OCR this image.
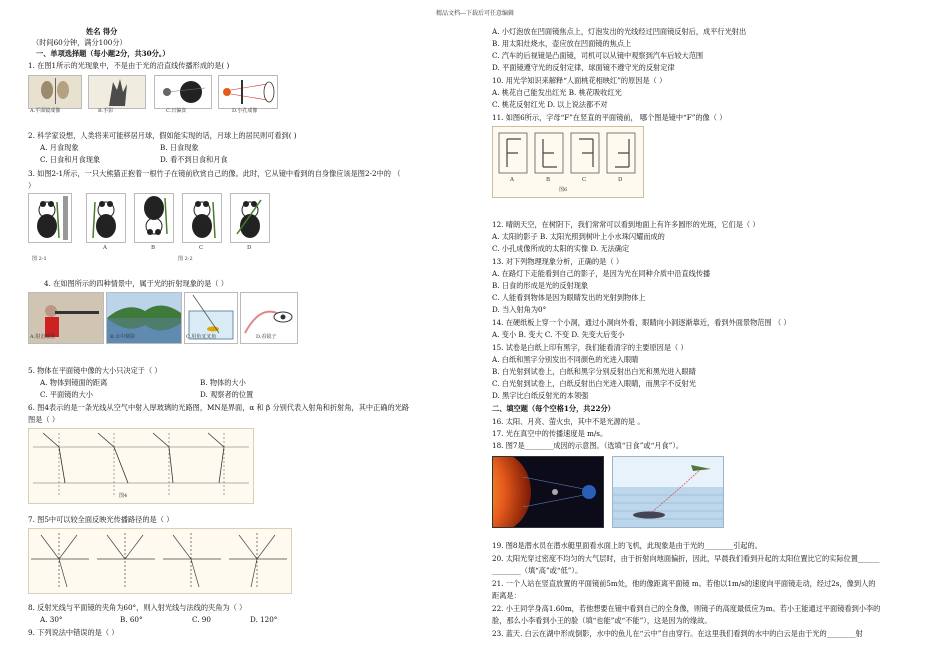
精品文档---下载后可任意编辑
姓名 得分
（时间60分钟，满分100分）
一、单项选择题（每小题2分，共30分。）
1. 在图1所示的光现象中，不是由于光的沿直线传播形成的是( )
A.平面镜成像	B.手影	C.日偏食	D.小孔成像
2. 科学家设想，人类将来可能移居月球，假如能实现的话，月球上的居民则可看到( )
A. 月食现象	B. 日食现象
C. 日食和月食现象	D. 看不到日食和月食
3. 如图2-1所示，一只大熊猫正抱着一根竹子在镜前欣赏自己的像。此时，它从镜中看到的自身像应该是图2-2中的 （
）
A	B	C	D
图 2-1	图 2-2
4. 在如图所示的四种情景中，属于光的折射现象的是（ ）
A.射击瞄准	B.水中倒影	C.用鱼叉叉鱼	D.看镜子
5. 物体在平面镜中像的大小只决定于（ ）
A. 物体到镜面的距离	B. 物体的大小
C. 平面镜的大小	D. 观察者的位置
6. 图4表示的是一条光线从空气中射入厚玻璃的光路图，MN是界面，α 和 β 分别代表入射角和折射角，其中正确的光路
图是（ ）
图4
7. 图5中可以较全面反映光传播路径的是（ ）
8. 反射光线与平面镜的夹角为60°，则入射光线与法线的夹角为（ ）
A. 30°	B. 60°	C. 90	D. 120°
9. 下列说法中错误的是（ ）
A. 小灯泡放在凹面镜焦点上，灯泡发出的光线经过凹面镜反射后，成平行光射出
B. 用太阳灶烧水，壶应放在凹面镜的焦点上
C. 汽车的后视镜是凸面镜，司机可以从镜中观察到汽车后较大范围
D. 平面镜遵守光的反射定律，球面镜不遵守光的反射定律
10. 用光学知识来解释“人面桃花相映红”的原因是（ ）
A. 桃花自己能发出红光 B. 桃花吸收红光
C. 桃花反射红光 D. 以上说法都不对
11. 如图6所示，字母“F”在竖直的平面镜前， 哪个图是镜中“F”的像（ ）
A	B	C	D
图6
12. 晴朗天空，在树阴下，我们常常可以看到地面上有许多圆形的光斑，它们是（ ）
A. 太阳的影子 B. 太阳光照到树叶上小水珠闪耀而成的
C. 小孔成像所成的太阳的实像 D. 无法确定
13. 对下列物理现象分析，正确的是（ ）
A. 在路灯下走能看到自己的影子，是因为光在同种介质中沿直线传播
B. 日食的形成是光的反射现象
C. 人能看到物体是因为眼睛发出的光射到物体上
D. 当入射角为0°
14. 在硬纸板上穿一个小洞，通过小洞向外看，眼睛向小洞逐渐靠近，看到外面景物范围 （ ）
A. 变小 B. 变大 C. 不变 D. 先变大后变小
15. 试卷是白纸上印有黑字，我们能看清字的主要原因是（ ）
A. 白纸和黑字分别发出不同颜色的光进入眼睛
B. 白光射到试卷上，白纸和黑字分别反射出白光和黑光进入眼睛
C. 白光射到试卷上，白纸反射出白光进入眼睛，而黑字不反射光
D. 黑字比白纸反射光的本领强
二、填空题（每个空格1分，共22分）
16. 太阳、月亮、萤火虫，其中不是光源的是 。
17. 光在真空中的传播速度是 m/s。
18. 图7是________成因的示意图。（选填“日食”或“月食”）。
19. 图8是潜水员在潜水艇里面看水面上的飞机，此现象是由于光的________引起的。
20. 太阳光穿过密度不均匀的大气层时，由于折射向地面偏折，因此，早晨我们看到升起的太阳位置比它的实际位置______
________（填“高”或“低”）。
21. 一个人站在竖直放置的平面镜前5m处，他的像距离平面镜 m。若他以1m/s的速度向平面镜走动，经过2s，像到人的
距离是：
22. 小王同学身高1.60m，若他想要在镜中看到自己的全身像，则镜子的高度最低应为m。若小王能通过平面镜看到小李的
脸，那么小李看到小王的脸（填“也能”或“不能”），这是因为的缘故。
23. 蓝天. 白云在湖中形成倒影，水中的鱼儿在“云中”自由穿行。在这里我们看到的水中的白云是由于光的________射
